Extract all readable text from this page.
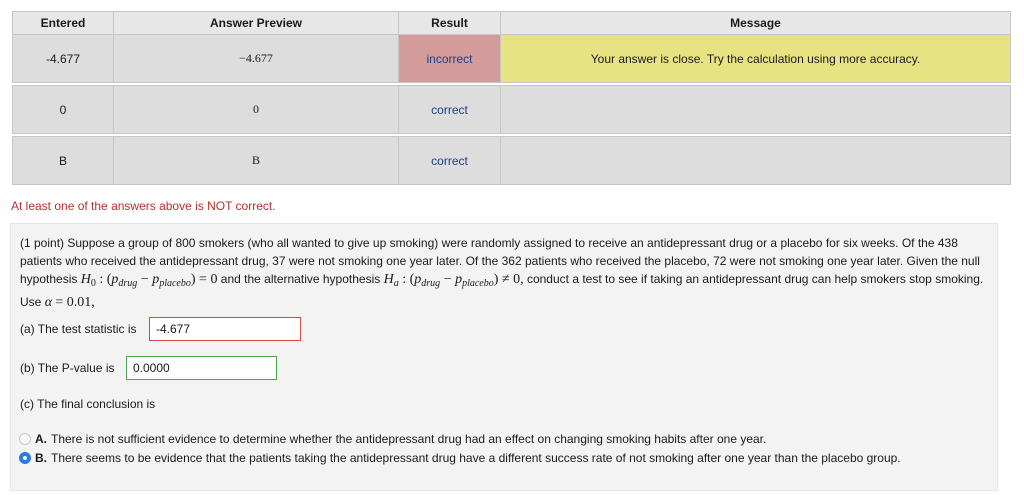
Entered	Answer Preview	Result	Message
-4.677	−4.677	incorrect	Your answer is close. Try the calculation using more accuracy.

0	0	correct	

B	B	correct	
At least one of the answers above is NOT correct.
(1 point) Suppose a group of 800 smokers (who all wanted to give up smoking) were randomly assigned to receive an antidepressant drug or a placebo for six weeks. Of the 438 patients who received the antidepressant drug, 37 were not smoking one year later. Of the 362 patients who received the placebo, 72 were not smoking one year later. Given the null hypothesis $H_0$ : $(p_{drug} - p_{placebo}) = 0$ and the alternative hypothesis $H_a$ : $(p_{drug} - p_{placebo}) \ne 0$, conduct a test to see if taking an antidepressant drug can help smokers stop smoking. Use α = 0.01,
(a) The test statistic is	-4.677
(b) The P-value is	0.0000
(c) The final conclusion is
A. There is not sufficient evidence to determine whether the antidepressant drug had an effect on changing smoking habits after one year.
B. There seems to be evidence that the patients taking the antidepressant drug have a different success rate of not smoking after one year than the placebo group.
